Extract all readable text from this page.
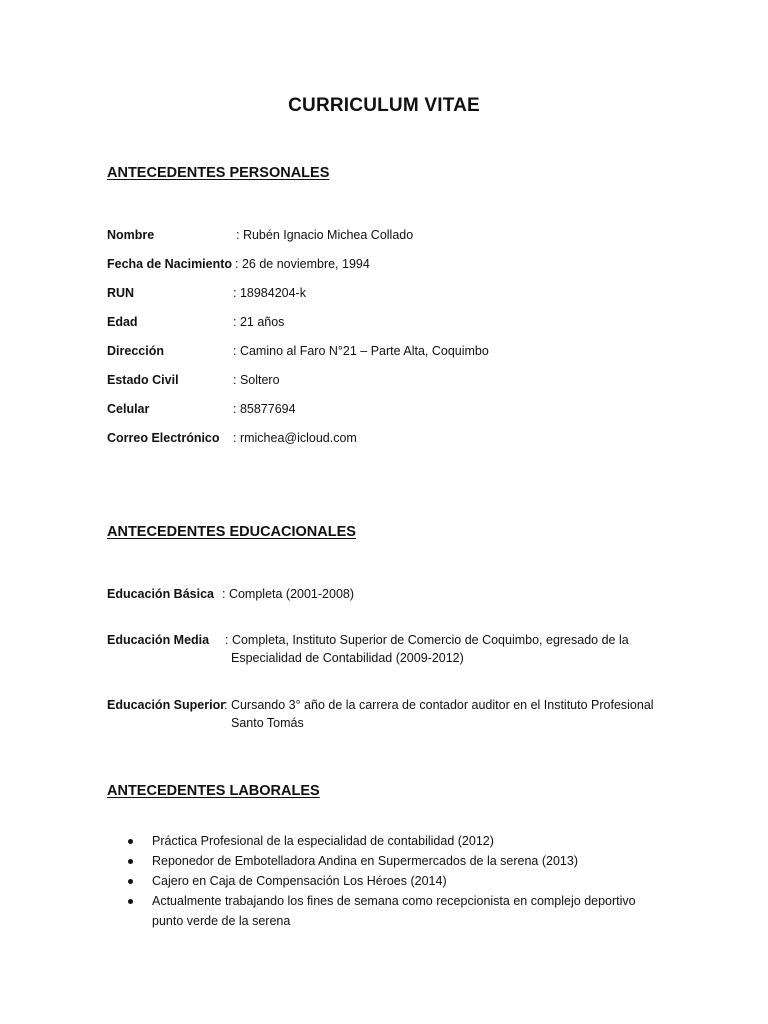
CURRICULUM VITAE
ANTECEDENTES PERSONALES
Nombre	: Rubén Ignacio Michea Collado
Fecha de Nacimiento : 26 de noviembre, 1994
RUN	: 18984204-k
Edad	: 21 años
Dirección	: Camino al Faro N°21 – Parte Alta, Coquimbo
Estado Civil	: Soltero
Celular	: 85877694
Correo Electrónico : rmichea@icloud.com
ANTECEDENTES EDUCACIONALES
Educación Básica : Completa (2001-2008)
Educación Media : Completa, Instituto Superior de Comercio de Coquimbo, egresado de la
Especialidad de Contabilidad (2009-2012)
Educación Superior
: Cursando 3° año de la carrera de contador auditor en el Instituto Profesional
Santo Tomás
ANTECEDENTES LABORALES
Práctica Profesional de la especialidad de contabilidad (2012)
Reponedor de Embotelladora Andina en Supermercados de la serena (2013)
Cajero en Caja de Compensación Los Héroes (2014)
Actualmente trabajando los fines de semana como recepcionista en complejo deportivo
punto verde de la serena
